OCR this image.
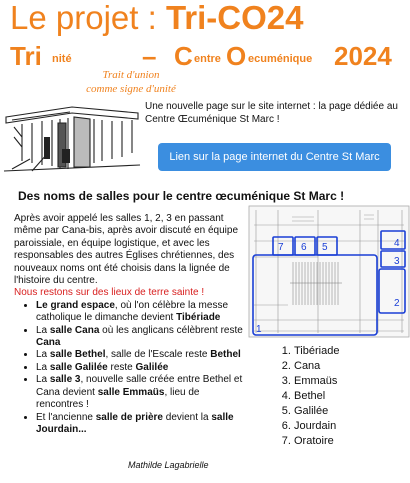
Le projet : Tri-CO24
Tri nité	– C entre O ecuménique 2024
Trait d'union
comme signe d'unité
Une nouvelle page sur le site internet : la page dédiée au Centre Œcuménique St Marc !
Lien sur la page internet du Centre St Marc
Des noms de salles pour le centre œcuménique St Marc !

Après avoir appelé les salles 1, 2, 3 en passant même par Cana-bis, après avoir discuté en équipe paroissiale, en équipe logistique, et avec les responsables des autres Églises chrétiennes, des nouveaux noms ont été choisis dans la lignée de l'histoire du centre.

Nous restons sur des lieux de terre sainte !

• Le grand espace, où l'on célèbre la messe catholique le dimanche devient Tibériade
• La salle Cana où les anglicans célèbrent reste Cana
• La salle Bethel, salle de l'Escale reste Bethel
• La salle Galilée reste Galilée
• La salle 3, nouvelle salle créée entre Bethel et Cana devient salle Emmaüs, lieu de rencontres !
• Et l'ancienne salle de prière devient la salle Jourdain...
1
2
3
4
5
6
7
1. Tibériade
2. Cana
3. Emmaüs
4. Bethel
5. Galilée
6. Jourdain
7. Oratoire
Mathilde Lagabrielle
